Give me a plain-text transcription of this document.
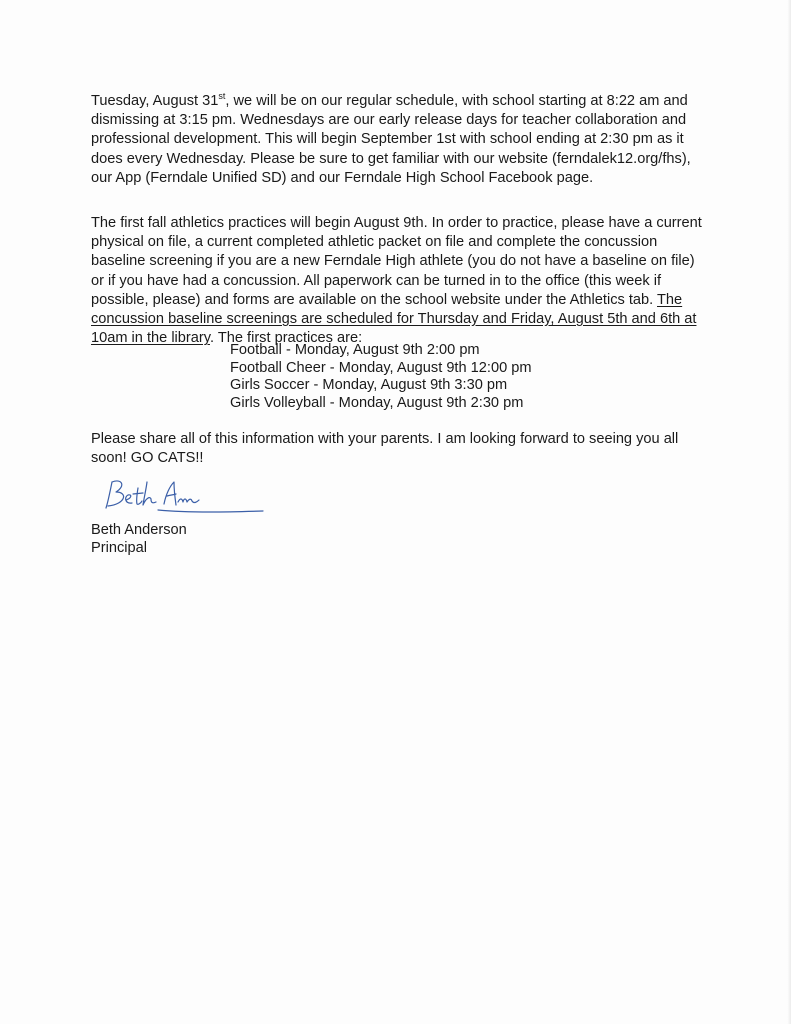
Tuesday, August 31st, we will be on our regular schedule, with school starting at 8:22 am and dismissing at 3:15 pm. Wednesdays are our early release days for teacher collaboration and professional development. This will begin September 1st with school ending at 2:30 pm as it does every Wednesday. Please be sure to get familiar with our website (ferndalek12.org/fhs), our App (Ferndale Unified SD) and our Ferndale High School Facebook page.

The first fall athletics practices will begin August 9th. In order to practice, please have a current physical on file, a current completed athletic packet on file and complete the concussion baseline screening if you are a new Ferndale High athlete (you do not have a baseline on file) or if you have had a concussion. All paperwork can be turned in to the office (this week if possible, please) and forms are available on the school website under the Athletics tab. The concussion baseline screenings are scheduled for Thursday and Friday, August 5th and 6th at 10am in the library. The first practices are:

Football - Monday, August 9th 2:00 pm
Football Cheer - Monday, August 9th 12:00 pm
Girls Soccer - Monday, August 9th 3:30 pm
Girls Volleyball - Monday, August 9th 2:30 pm

Please share all of this information with your parents. I am looking forward to seeing you all soon! GO CATS!!

Beth Anderson

Principal
